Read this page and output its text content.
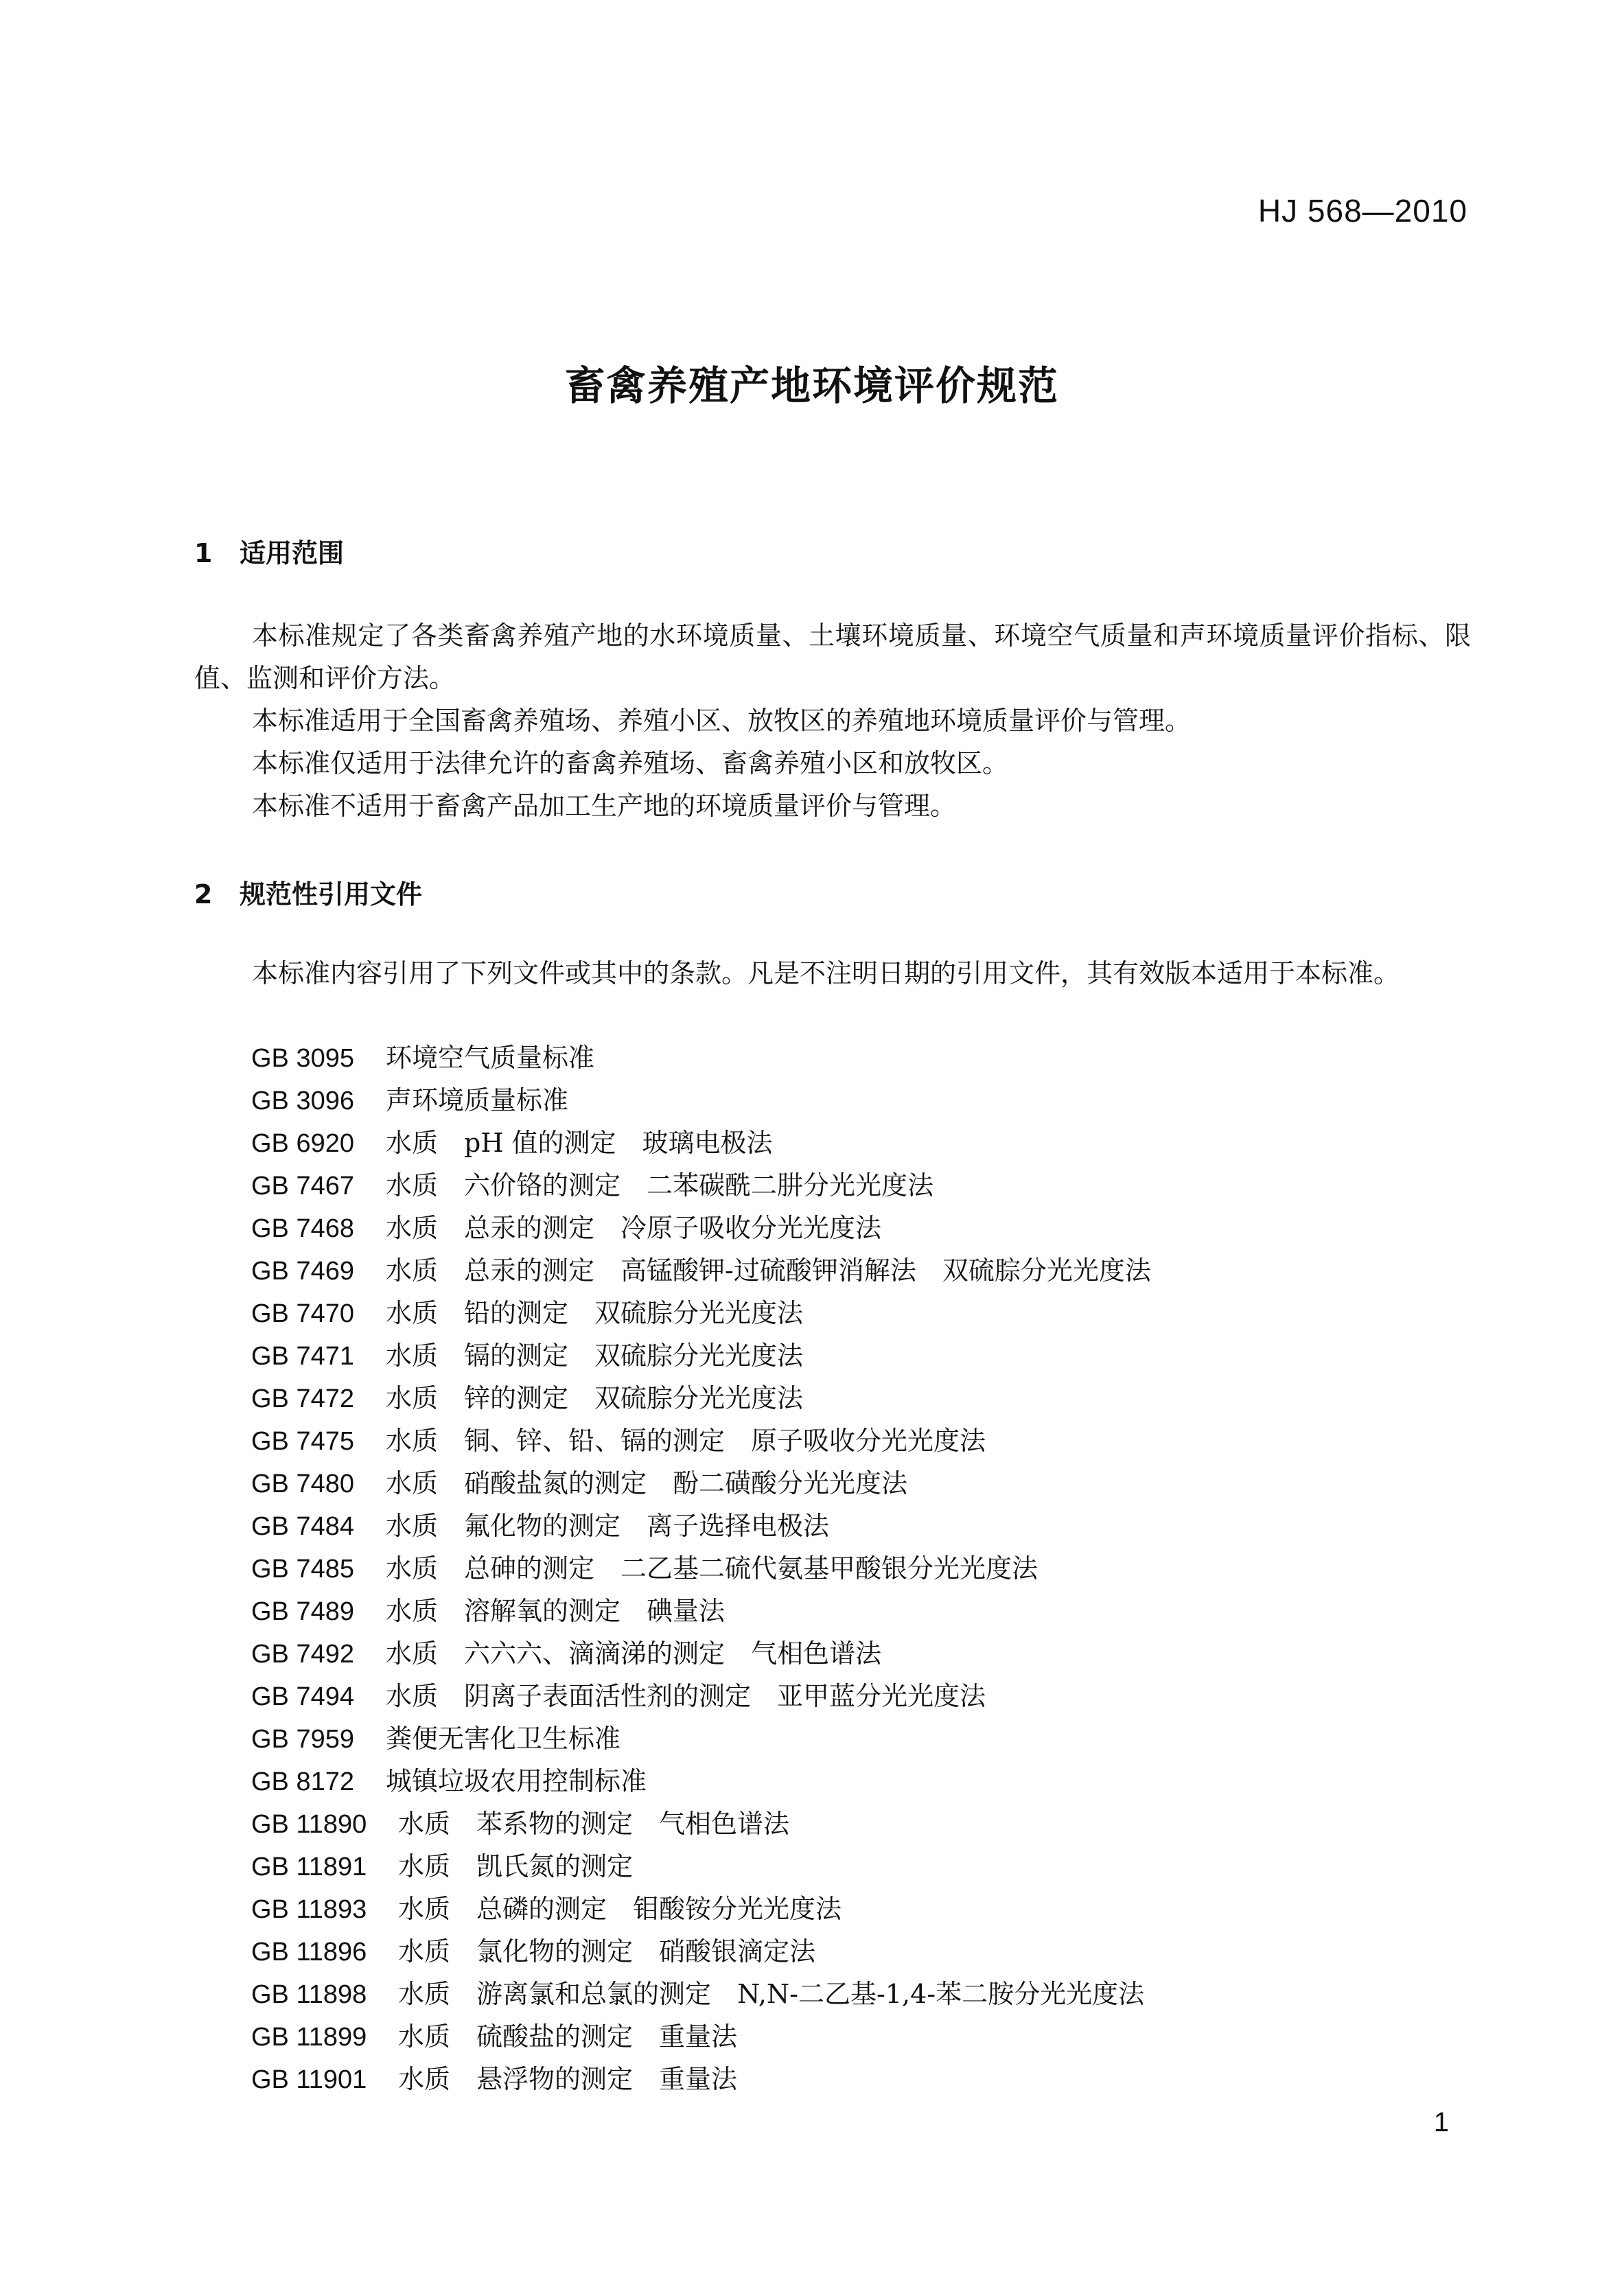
HJ 568—2010
畜禽养殖产地环境评价规范
1 适用范围

本标准规定了各类畜禽养殖产地的水环境质量、土壤环境质量、环境空气质量和声环境质量评价指标、限值、监测和评价方法。

本标准适用于全国畜禽养殖场、养殖小区、放牧区的养殖地环境质量评价与管理。

本标准仅适用于法律允许的畜禽养殖场、畜禽养殖小区和放牧区。

本标准不适用于畜禽产品加工生产地的环境质量评价与管理。

2 规范性引用文件

本标准内容引用了下列文件或其中的条款。凡是不注明日期的引用文件，其有效版本适用于本标准。

GB 3095 环境空气质量标准
GB 3096 声环境质量标准
GB 6920 水质　pH 值的测定　玻璃电极法
GB 7467 水质　六价铬的测定　二苯碳酰二肼分光光度法
GB 7468 水质　总汞的测定　冷原子吸收分光光度法
GB 7469 水质　总汞的测定　高锰酸钾-过硫酸钾消解法　双硫腙分光光度法
GB 7470 水质　铅的测定　双硫腙分光光度法
GB 7471 水质　镉的测定　双硫腙分光光度法
GB 7472 水质　锌的测定　双硫腙分光光度法
GB 7475 水质　铜、锌、铅、镉的测定　原子吸收分光光度法
GB 7480 水质　硝酸盐氮的测定　酚二磺酸分光光度法
GB 7484 水质　氟化物的测定　离子选择电极法
GB 7485 水质　总砷的测定　二乙基二硫代氨基甲酸银分光光度法
GB 7489 水质　溶解氧的测定　碘量法
GB 7492 水质　六六六、滴滴涕的测定　气相色谱法
GB 7494 水质　阴离子表面活性剂的测定　亚甲蓝分光光度法
GB 7959 粪便无害化卫生标准
GB 8172 城镇垃圾农用控制标准
GB 11890 水质　苯系物的测定　气相色谱法
GB 11891 水质　凯氏氮的测定
GB 11893 水质　总磷的测定　钼酸铵分光光度法
GB 11896 水质　氯化物的测定　硝酸银滴定法
GB 11898 水质　游离氯和总氯的测定　N,N-二乙基-1,4-苯二胺分光光度法
GB 11899 水质　硫酸盐的测定　重量法
GB 11901 水质　悬浮物的测定　重量法
1
